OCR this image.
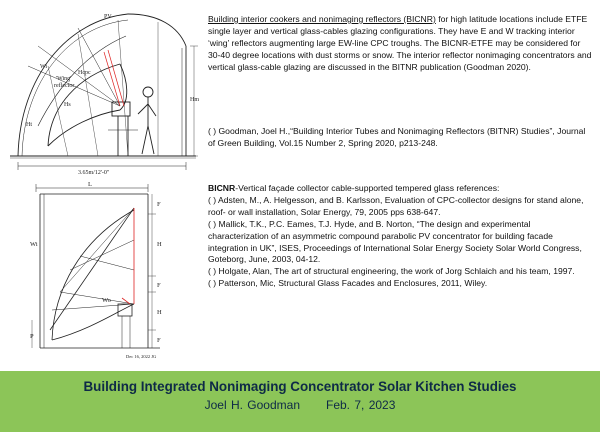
PV
Wi
'Wing'
reflector
Hcpc
Hs
Hm
Ht
3.65m/12'-0"
L
F
H
F
H
F
Wi
Wo
P
Dec 16, 2022 JG

Building interior cookers and nonimaging reflectors (BICNR) for high latitude locations include ETFE single layer and vertical glass-cables glazing configurations. They have E and W tracking interior ‘wing’ reflectors augmenting large EW-line CPC troughs. The BICNR-ETFE may be considered for 30-40 degree locations with dust storms or snow. The interior reflector nonimaging concentrators and vertical glass-cable glazing are discussed in the BITNR publication (Goodman 2020).

( ) Goodman, Joel H.,“Building Interior Tubes and Nonimaging Reflectors (BITNR) Studies”, Journal of Green Building, Vol.15 Number 2, Spring 2020, p213-248.

BICNR-Vertical façade collector cable-supported tempered glass references:

( ) Adsten, M., A. Helgesson, and B. Karlsson, Evaluation of CPC-collector designs for stand alone, roof- or wall installation, Solar Energy, 79, 2005 pps 638-647.

( ) Mallick, T.K., P.C. Eames, T.J. Hyde, and B. Norton, “The design and experimental characterization of an asymmetric compound parabolic PV concentrator for building facade integration in UK”, ISES, Proceedings of International Solar Energy Society Solar World Congress, Goteborg, June, 2003, 04-12.

( ) Holgate, Alan, The art of structural engineering, the work of Jorg Schlaich and his team, 1997.

( ) Patterson, Mic, Structural Glass Facades and Enclosures, 2011, Wiley.

Building Integrated Nonimaging Concentrator Solar Kitchen Studies
Joel H. Goodman Feb. 7, 2023
